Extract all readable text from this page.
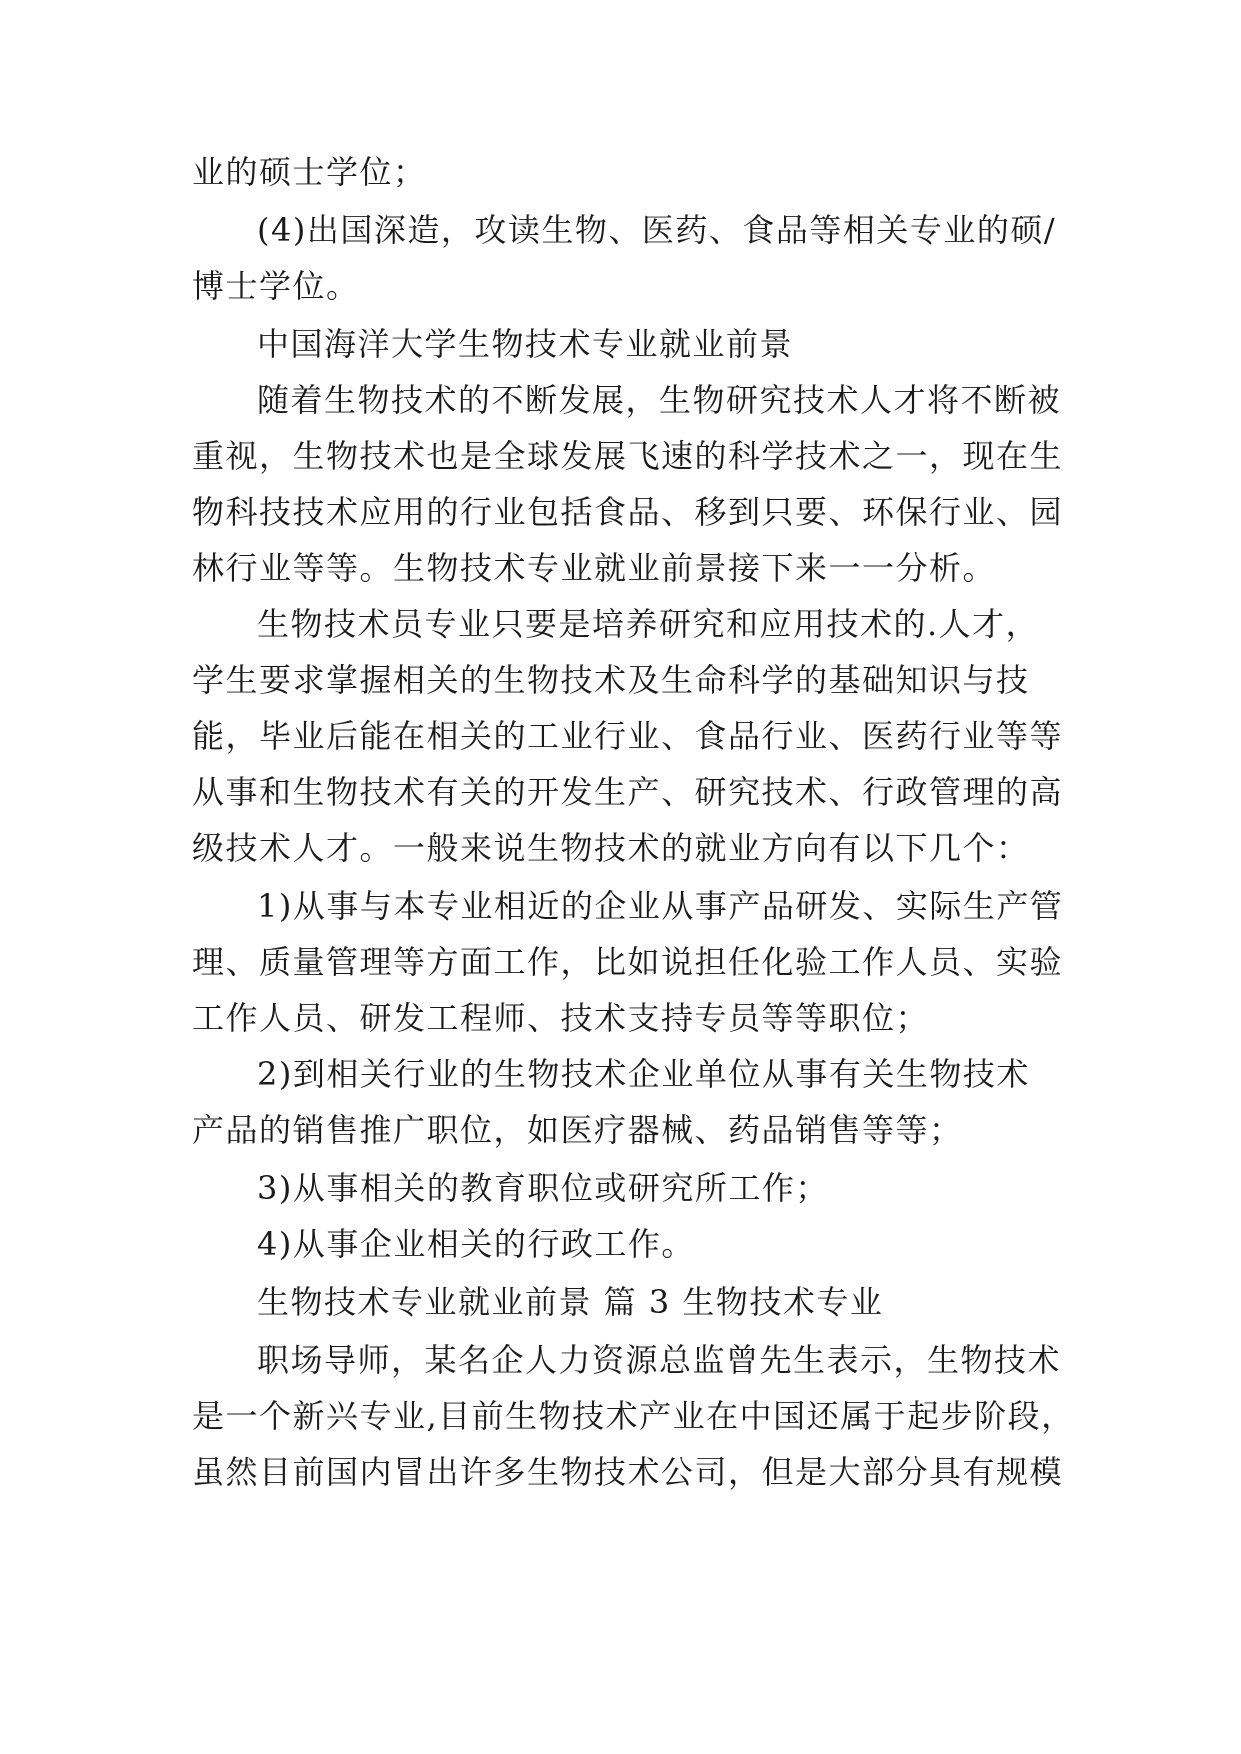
业的硕士学位；
(4)出国深造，攻读生物、医药、食品等相关专业的硕/
博士学位。
中国海洋大学生物技术专业就业前景
随着生物技术的不断发展，生物研究技术人才将不断被
重视，生物技术也是全球发展飞速的科学技术之一，现在生
物科技技术应用的行业包括食品、移到只要、环保行业、园
林行业等等。生物技术专业就业前景接下来一一分析。
生物技术员专业只要是培养研究和应用技术的.人才，
学生要求掌握相关的生物技术及生命科学的基础知识与技
能，毕业后能在相关的工业行业、食品行业、医药行业等等
从事和生物技术有关的开发生产、研究技术、行政管理的高
级技术人才。一般来说生物技术的就业方向有以下几个：
1)从事与本专业相近的企业从事产品研发、实际生产管
理、质量管理等方面工作，比如说担任化验工作人员、实验
工作人员、研发工程师、技术支持专员等等职位；
2)到相关行业的生物技术企业单位从事有关生物技术
产品的销售推广职位，如医疗器械、药品销售等等；
3)从事相关的教育职位或研究所工作；
4)从事企业相关的行政工作。
生物技术专业就业前景 篇 3 生物技术专业
职场导师，某名企人力资源总监曾先生表示，生物技术
是一个新兴专业,目前生物技术产业在中国还属于起步阶段，
虽然目前国内冒出许多生物技术公司，但是大部分具有规模
